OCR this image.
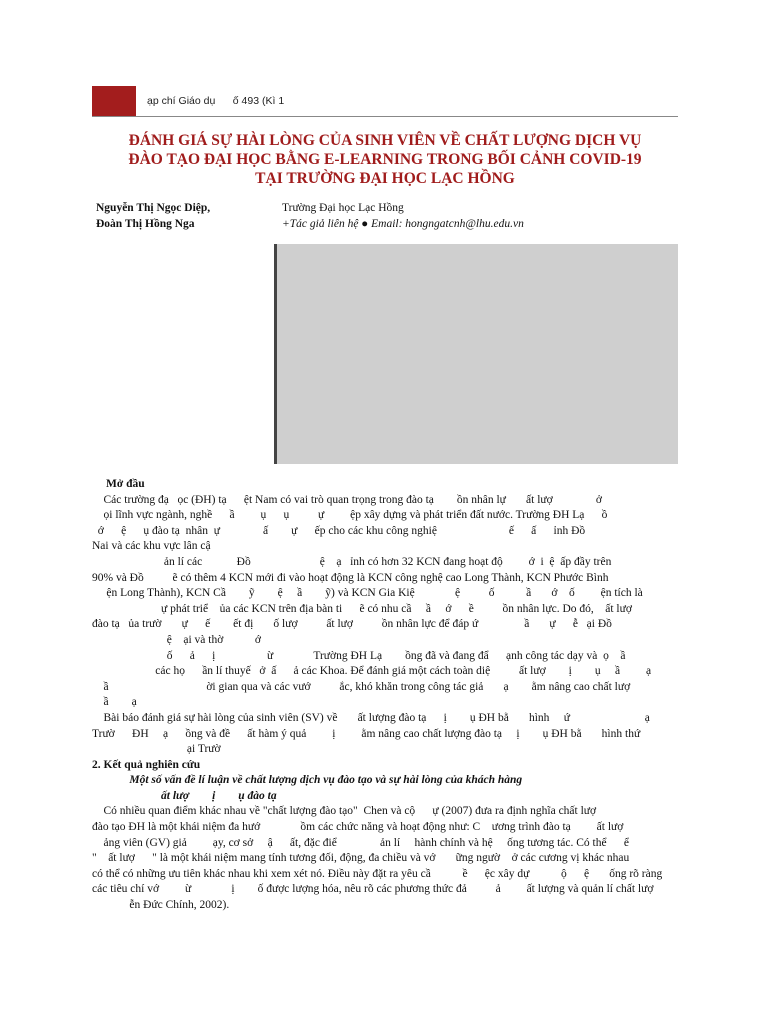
ạp chí Giáo dụ      ố 493 (Kì 1
ĐÁNH GIÁ SỰ HÀI LÒNG CỦA SINH VIÊN VỀ CHẤT LƯỢNG DỊCH VỤ
ĐÀO TẠO ĐẠI HỌC BẰNG E-LEARNING TRONG BỐI CẢNH COVID-19
TẠI TRƯỜNG ĐẠI HỌC LẠC HỒNG
Nguyễn Thị Ngọc Diệp,
Đoàn Thị Hồng Nga
Trường Đại học Lạc Hồng
+Tác giả liên hệ ● Email: hongngatcnh@lhu.edu.vn
Mở đầu
Các trường đạ   ọc (ĐH) tạ      ệt Nam có vai trò quan trọng trong đào tạ        ồn nhân lự       ất lượ               ở
ọi lĩnh vực ngành, nghề      ầ         ụ      ụ          ự         ệp xây dựng và phát triển đất nước. Trường ĐH Lạ      ồ
ớ      ệ      ụ đào tạ  nhân  ự               ấ        ự      ếp cho các khu công nghiệ                         ế      ấ      ỉnh Đồ
Nai và các khu vực lân cậ
ản lí các            Đồ                        ệ    ạ   ỉnh có hơn 32 KCN đang hoạt độ         ớ  i  ệ  ấp đầy trên
90% và Đồ          ẽ có thêm 4 KCN mới đi vào hoạt động là KCN công nghệ cao Long Thành, KCN Phước Bình
ện Long Thành), KCN Cầ        ỹ        ệ     ầ        ỹ) và KCN Gia Kiệ              ệ          ố           ầ       ớ    ố         ện tích là
ự phát triể    ủa các KCN trên địa bàn ti      ẽ có nhu cầ     ầ     ớ      ề          ồn nhân lực. Do đó,    ất lượ
đào tạ   ủa trườ       ự      ế        ết đị       ố lượ          ất lượ          ồn nhân lực để đáp ứ                ầ       ự      ễ   ại Đồ
ệ    ại và thờ           ớ
ố      ả      ị                  ừ              Trường ĐH Lạ        ồng đã và đang đẩ      ạnh công tác dạy và  ọ    ầ
các họ      ần lí thuyế   ở  ấ      ả các Khoa. Để đánh giá một cách toàn diệ          ất lượ        ị        ụ     ầ         ạ
ầ                                  ời gian qua và các vướ          ắc, khó khăn trong công tác giả       ạ        ằm nâng cao chất lượ
ầ        ạ
Bài báo đánh giá sự hài lòng của sinh viên (SV) về       ất lượng đào tạ      ị        ụ ĐH bằ       hình     ứ                          ạ
Trườ      ĐH     ạ      ồng và đề      ất hàm ý quả         ị         ằm nâng cao chất lượng đào tạ     ị        ụ ĐH bằ       hình thứ
ại Trườ
2. Kết quả nghiên cứu
Một số vấn đề lí luận về chất lượng dịch vụ đào tạo và sự hài lòng của khách hàng
ất lượ        ị        ụ đào tạ
Có nhiều quan điểm khác nhau về "chất lượng đào tạo"  Chen và cộ      ự (2007) đưa ra định nghĩa chất lượ
đào tạo ĐH là một khái niệm đa hướ              ồm các chức năng và hoạt động như: C    ương trình đào tạ         ất lượ
ảng viên (GV) giả         ạy, cơ sở     ậ      ất, đặc điể               ản lí     hành chính và hệ     ống tương tác. Có thể      ể
"    ất lượ      " là một khái niệm mang tính tương đối, động, đa chiều và vớ       ững ngườ    ở các cương vị khác nhau
có thể có những ưu tiên khác nhau khi xem xét nó. Điều này đặt ra yêu cầ           ề      ệc xây dự           ộ      ệ       ống rõ ràng
các tiêu chí vớ         ừ              ị        ố được lượng hóa, nêu rõ các phương thức đả          ả         ất lượng và quản lí chất lượ
ễn Đức Chính, 2002).
